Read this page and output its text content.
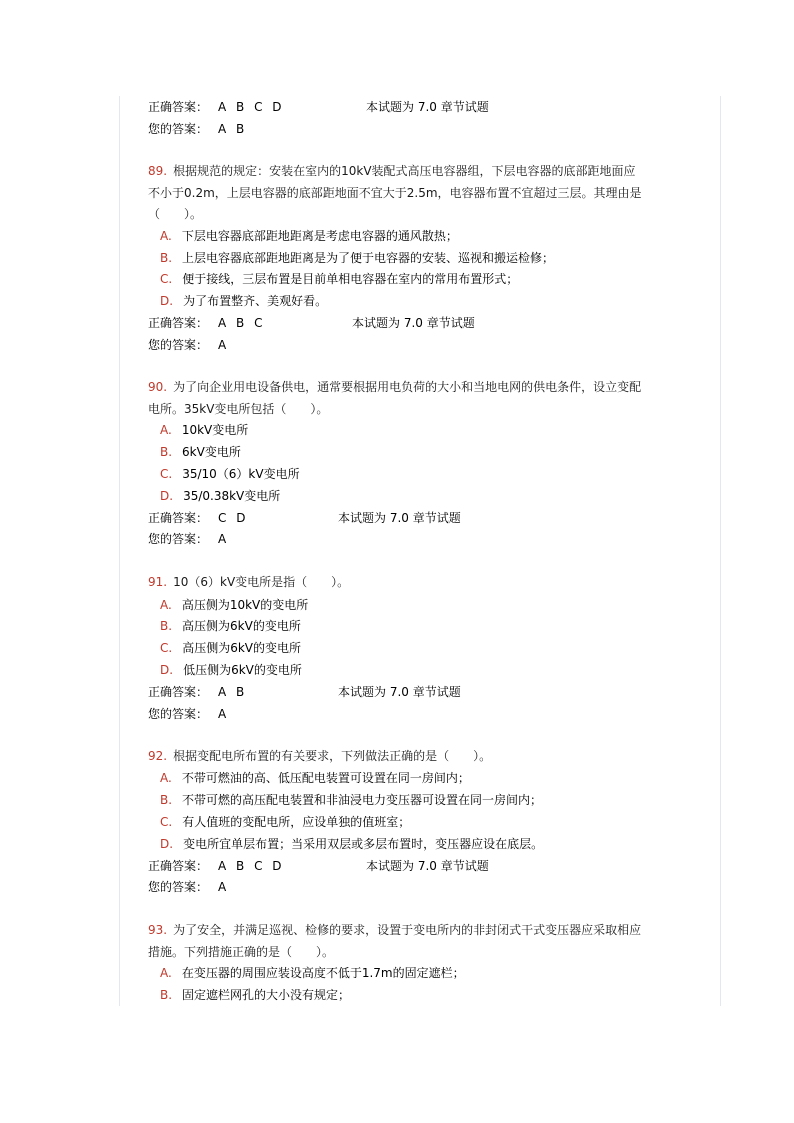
正确答案： A B C D	本试题为 7.0 章节试题
您的答案： A B
89. 根据规范的规定：安装在室内的10kV装配式高压电容器组，下层电容器的底部距地面应
不小于0.2m，上层电容器的底部距地面不宜大于2.5m，电容器布置不宜超过三层。其理由是
（　　）。
A. 下层电容器底部距地距离是考虑电容器的通风散热；
B. 上层电容器底部距地距离是为了便于电容器的安装、巡视和搬运检修；
C. 便于接线，三层布置是目前单相电容器在室内的常用布置形式；
D. 为了布置整齐、美观好看。
正确答案： A B C	本试题为 7.0 章节试题
您的答案： A
90. 为了向企业用电设备供电，通常要根据用电负荷的大小和当地电网的供电条件，设立变配
电所。35kV变电所包括（　　）。
A. 10kV变电所
B. 6kV变电所
C. 35/10（6）kV变电所
D. 35/0.38kV变电所
正确答案： C D	本试题为 7.0 章节试题
您的答案： A
91. 10（6）kV变电所是指（　　）。
A. 高压侧为10kV的变电所
B. 高压侧为6kV的变电所
C. 高压侧为6kV的变电所
D. 低压侧为6kV的变电所
正确答案： A B	本试题为 7.0 章节试题
您的答案： A
92. 根据变配电所布置的有关要求，下列做法正确的是（　　）。
A. 不带可燃油的高、低压配电装置可设置在同一房间内；
B. 不带可燃的高压配电装置和非油浸电力变压器可设置在同一房间内；
C. 有人值班的变配电所，应设单独的值班室；
D. 变电所宜单层布置；当采用双层或多层布置时，变压器应设在底层。
正确答案： A B C D	本试题为 7.0 章节试题
您的答案： A
93. 为了安全，并满足巡视、检修的要求，设置于变电所内的非封闭式干式变压器应采取相应
措施。下列措施正确的是（　　）。
A. 在变压器的周围应装设高度不低于1.7m的固定遮栏；
B. 固定遮栏网孔的大小没有规定；
